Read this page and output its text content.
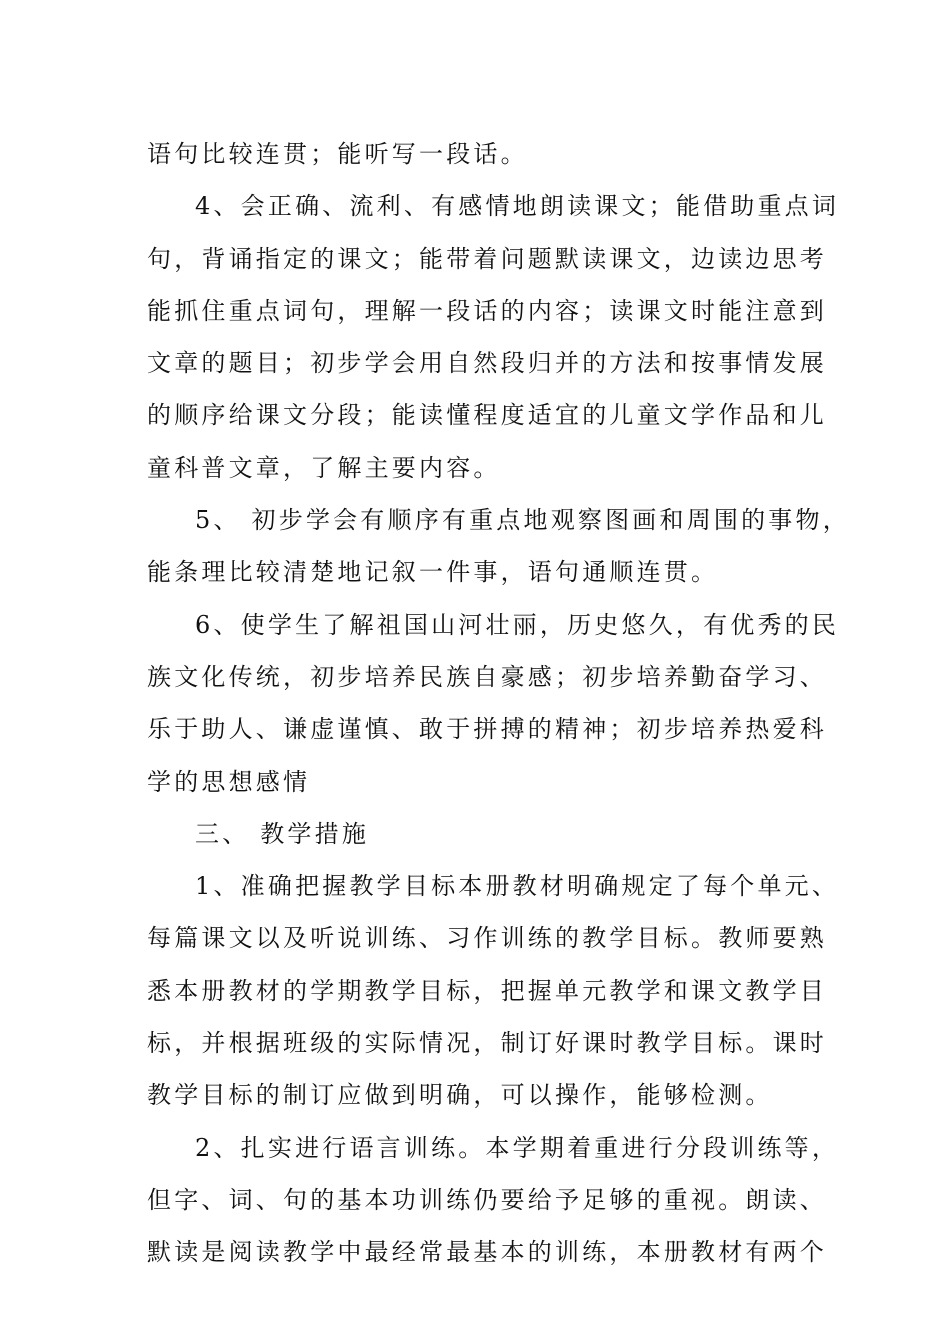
语句比较连贯；能听写一段话。
4、会正确、流利、有感情地朗读课文；能借助重点词
句，背诵指定的课文；能带着问题默读课文，边读边思考
能抓住重点词句，理解一段话的内容；读课文时能注意到
文章的题目；初步学会用自然段归并的方法和按事情发展
的顺序给课文分段；能读懂程度适宜的儿童文学作品和儿
童科普文章，了解主要内容。
5、 初步学会有顺序有重点地观察图画和周围的事物，
能条理比较清楚地记叙一件事，语句通顺连贯。
6、使学生了解祖国山河壮丽，历史悠久，有优秀的民
族文化传统，初步培养民族自豪感；初步培养勤奋学习、
乐于助人、谦虚谨慎、敢于拼搏的精神；初步培养热爱科
学的思想感情
三、 教学措施
1、准确把握教学目标本册教材明确规定了每个单元、
每篇课文以及听说训练、习作训练的教学目标。教师要熟
悉本册教材的学期教学目标，把握单元教学和课文教学目
标，并根据班级的实际情况，制订好课时教学目标。课时
教学目标的制订应做到明确，可以操作，能够检测。
2、扎实进行语言训练。本学期着重进行分段训练等，
但字、词、句的基本功训练仍要给予足够的重视。朗读、
默读是阅读教学中最经常最基本的训练，本册教材有两个
